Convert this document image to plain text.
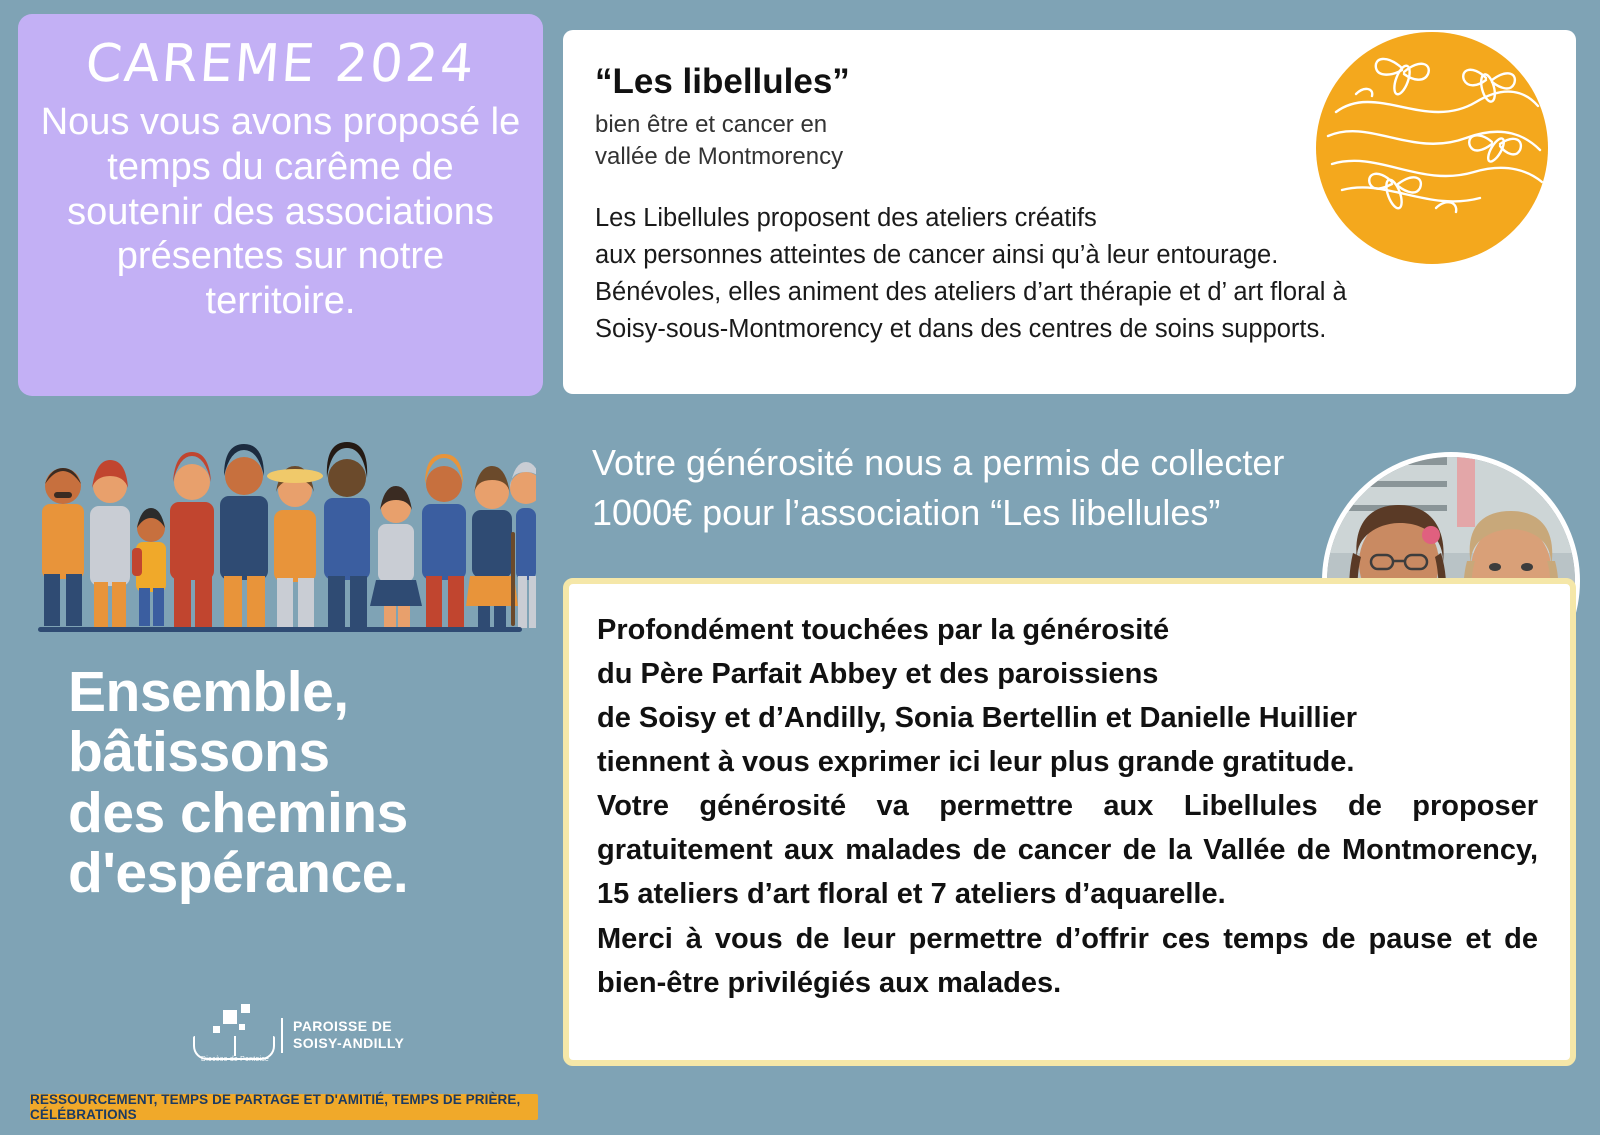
CAREME 2024
Nous vous avons proposé le temps du carême de soutenir des associations présentes sur notre territoire.
Ensemble,
bâtissons
des chemins
d'espérance.
Diocèse de Pontoise
PAROISSE DE
SOISY-ANDILLY
RESSOURCEMENT, TEMPS DE PARTAGE ET D'AMITIÉ, TEMPS DE PRIÈRE, CÉLÉBRATIONS
“Les libellules”
bien être et cancer en
vallée de Montmorency
Les Libellules proposent des ateliers créatifs
aux personnes atteintes de cancer ainsi qu’à leur entourage.
Bénévoles, elles animent des ateliers d’art thérapie et d’ art floral à
Soisy-sous-Montmorency et dans des centres de soins supports.
Votre générosité nous a permis de collecter
1000€ pour l’association “Les libellules”

Profondément touchées par la générosité

du Père Parfait Abbey et des paroissiens

de Soisy et d’Andilly, Sonia Bertellin et Danielle Huillier

tiennent à vous exprimer ici leur plus grande gratitude.

Votre générosité va permettre aux Libellules de proposer gratuitement aux malades de cancer de la Vallée de Montmorency, 15 ateliers d’art floral et 7 ateliers d’aquarelle.

Merci à vous de leur permettre d’offrir ces temps de pause et de bien-être privilégiés aux malades.
